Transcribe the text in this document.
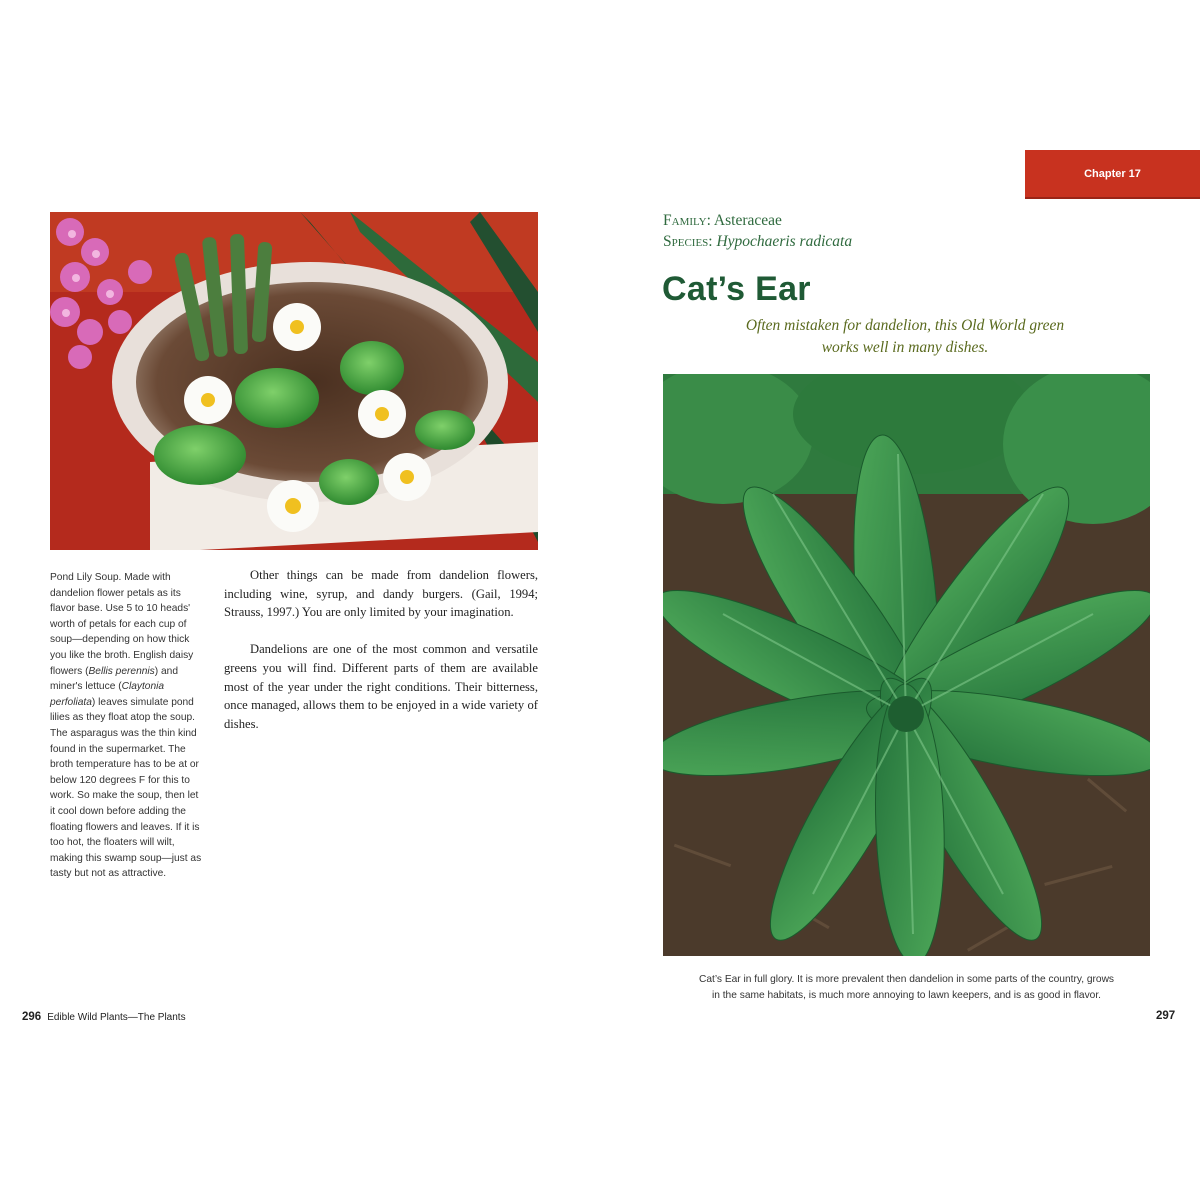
Chapter 17
Pond Lily Soup. Made with dandelion flower petals as its flavor base. Use 5 to 10 heads' worth of petals for each cup of soup—depending on how thick you like the broth. English daisy flowers (Bellis perennis) and miner's lettuce (Claytonia perfoliata) leaves simulate pond lilies as they float atop the soup. The asparagus was the thin kind found in the supermarket. The broth temperature has to be at or below 120 degrees F for this to work. So make the soup, then let it cool down before adding the floating flowers and leaves. If it is too hot, the floaters will wilt, making this swamp soup—just as tasty but not as attractive.

Other things can be made from dandelion flowers, including wine, syrup, and dandy burgers. (Gail, 1994; Strauss, 1997.) You are only limited by your imagination.

Dandelions are one of the most common and versatile greens you will find. Different parts of them are available most of the year under the right conditions. Their bitterness, once managed, allows them to be enjoyed in a wide variety of dishes.

296 Edible Wild Plants—The Plants
Family: Asteraceae
Species: Hypochaeris radicata
Cat’s Ear
Often mistaken for dandelion, this Old World green
works well in many dishes.
Cat’s Ear in full glory. It is more prevalent then dandelion in some parts of the country, grows
in the same habitats, is much more annoying to lawn keepers, and is as good in flavor.
297
